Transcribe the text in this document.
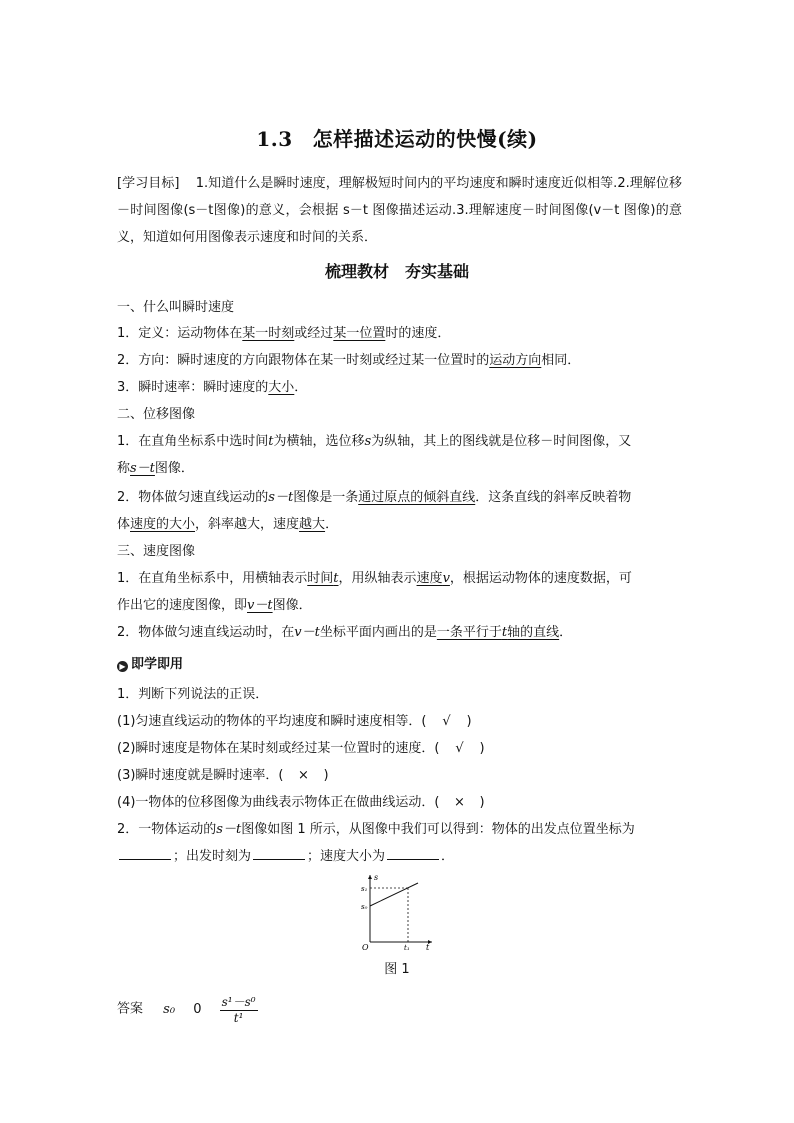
1.3 怎样描述运动的快慢(续)
[学习目标] 1.知道什么是瞬时速度，理解极短时间内的平均速度和瞬时速度近似相等.2.理解位移－时间图像(s－t图像)的意义，会根据 s－t 图像描述运动.3.理解速度－时间图像(v－t 图像)的意义，知道如何用图像表示速度和时间的关系．
梳理教材 夯实基础
一、什么叫瞬时速度
1．定义：运动物体在某一时刻或经过某一位置时的速度．
2．方向：瞬时速度的方向跟物体在某一时刻或经过某一位置时的运动方向相同．
3．瞬时速率：瞬时速度的大小．
二、位移图像
1．在直角坐标系中选时间t为横轴，选位移s为纵轴，其上的图线就是位移－时间图像，又
称s－t图像．
2．物体做匀速直线运动的s－t图像是一条通过原点的倾斜直线．这条直线的斜率反映着物
体速度的大小，斜率越大，速度越大．
三、速度图像
1．在直角坐标系中，用横轴表示时间t，用纵轴表示速度v，根据运动物体的速度数据，可
作出它的速度图像，即v－t图像．
2．物体做匀速直线运动时，在v－t坐标平面内画出的是一条平行于t轴的直线．
▶ 即学即用
1．判断下列说法的正误．
(1)匀速直线运动的物体的平均速度和瞬时速度相等．( √ )
(2)瞬时速度是物体在某时刻或经过某一位置时的速度．( √ )
(3)瞬时速度就是瞬时速率．( × )
(4)一物体的位移图像为曲线表示物体正在做曲线运动．( × )
2．一物体运动的s－t图像如图 1 所示，从图像中我们可以得到：物体的出发点位置坐标为
；出发时刻为	；速度大小为	．
s
s₁
s₀
O	t₁ t
图 1
答案 s₀ $0 \frac{\text{s¹－s⁰}}{\text{t¹}}$
